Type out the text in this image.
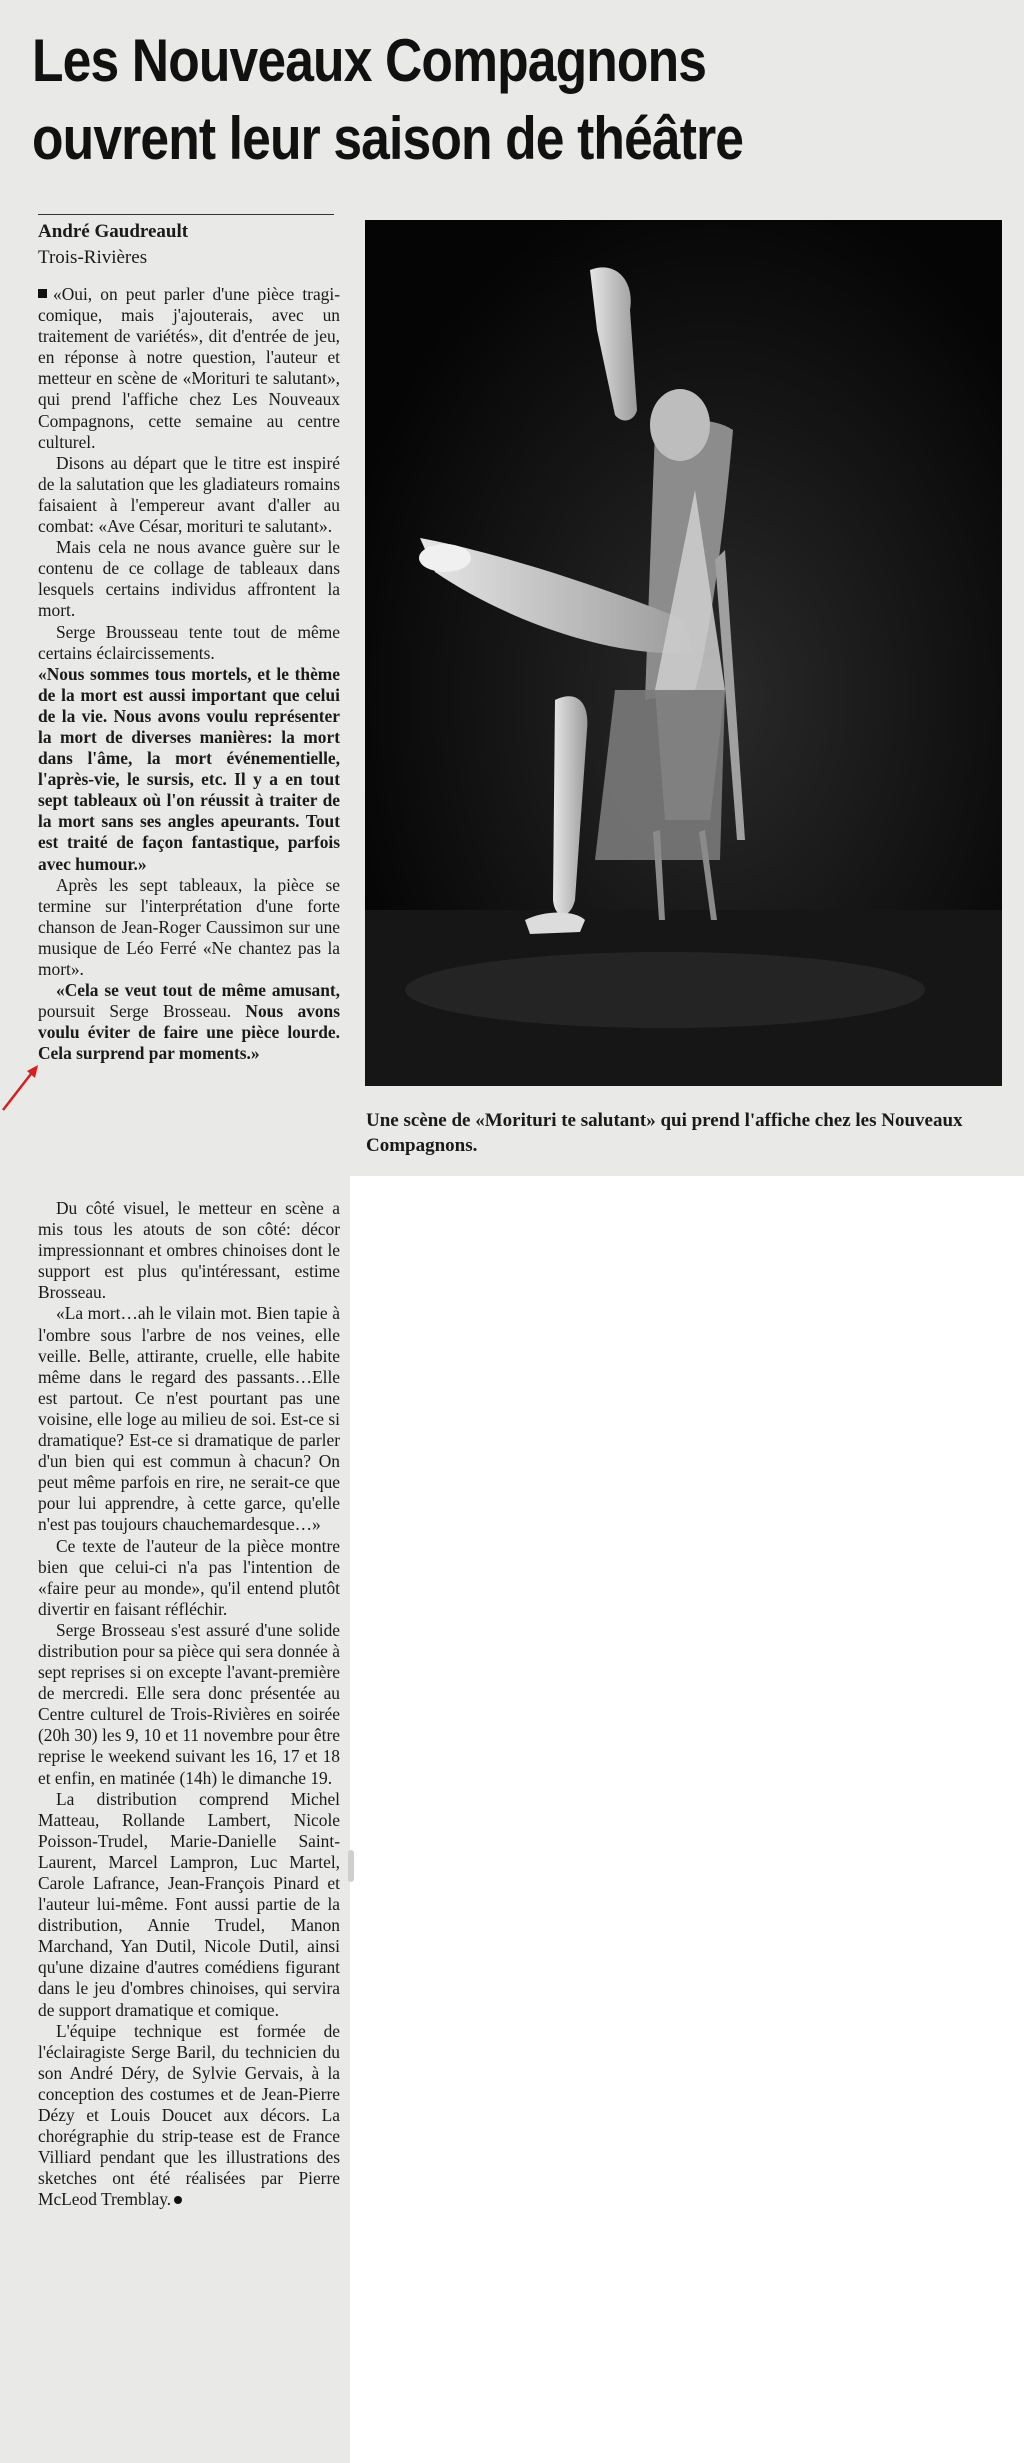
Les Nouveaux Compagnons
ouvrent leur saison de théâtre
André Gaudreault
Trois-Rivières

«Oui, on peut parler d'une pièce tragi-comique, mais j'ajouterais, avec un traitement de variétés», dit d'entrée de jeu, en réponse à notre question, l'auteur et metteur en scène de «Morituri te salutant», qui prend l'affiche chez Les Nouveaux Compagnons, cette semaine au centre culturel.

Disons au départ que le titre est inspiré de la salutation que les gladiateurs romains faisaient à l'empereur avant d'aller au combat: «Ave César, morituri te salutant».

Mais cela ne nous avance guère sur le contenu de ce collage de tableaux dans lesquels certains individus affrontent la mort.

Serge Brousseau tente tout de même certains éclaircissements.

«Nous sommes tous mortels, et le thème de la mort est aussi important que celui de la vie. Nous avons voulu représenter la mort de diverses manières: la mort dans l'âme, la mort événementielle, l'après-vie, le sursis, etc. Il y a en tout sept tableaux où l'on réussit à traiter de la mort sans ses angles apeurants. Tout est traité de façon fantastique, parfois avec humour.»

Après les sept tableaux, la pièce se termine sur l'interprétation d'une forte chanson de Jean-Roger Caussimon sur une musique de Léo Ferré «Ne chantez pas la mort».

«Cela se veut tout de même amusant, poursuit Serge Brosseau. Nous avons voulu éviter de faire une pièce lourde. Cela surprend par moments.»

Une scène de «Morituri te salutant» qui prend l'affiche chez les Nouveaux Compagnons.

Du côté visuel, le metteur en scène a mis tous les atouts de son côté: décor impressionnant et ombres chinoises dont le support est plus qu'intéressant, estime Brosseau.

«La mort…ah le vilain mot. Bien tapie à l'ombre sous l'arbre de nos veines, elle veille. Belle, attirante, cruelle, elle habite même dans le regard des passants…Elle est partout. Ce n'est pourtant pas une voisine, elle loge au milieu de soi. Est-ce si dramatique? Est-ce si dramatique de parler d'un bien qui est commun à chacun? On peut même parfois en rire, ne serait-ce que pour lui apprendre, à cette garce, qu'elle n'est pas toujours chauchemardesque…»

Ce texte de l'auteur de la pièce montre bien que celui-ci n'a pas l'intention de «faire peur au monde», qu'il entend plutôt divertir en faisant réfléchir.

Serge Brosseau s'est assuré d'une solide distribution pour sa pièce qui sera donnée à sept reprises si on excepte l'avant-première de mercredi. Elle sera donc présentée au Centre culturel de Trois-Rivières en soirée (20h 30) les 9, 10 et 11 novembre pour être reprise le weekend suivant les 16, 17 et 18 et enfin, en matinée (14h) le dimanche 19.

La distribution comprend Michel Matteau, Rollande Lambert, Nicole Poisson-Trudel, Marie-Danielle Saint-Laurent, Marcel Lampron, Luc Martel, Carole Lafrance, Jean-François Pinard et l'auteur lui-même. Font aussi partie de la distribution, Annie Trudel, Manon Marchand, Yan Dutil, Nicole Dutil, ainsi qu'une dizaine d'autres comédiens figurant dans le jeu d'ombres chinoises, qui servira de support dramatique et comique.

L'équipe technique est formée de l'éclairagiste Serge Baril, du technicien du son André Déry, de Sylvie Gervais, à la conception des costumes et de Jean-Pierre Dézy et Louis Doucet aux décors. La chorégraphie du strip-tease est de France Villiard pendant que les illustrations des sketches ont été réalisées par Pierre McLeod Tremblay.
